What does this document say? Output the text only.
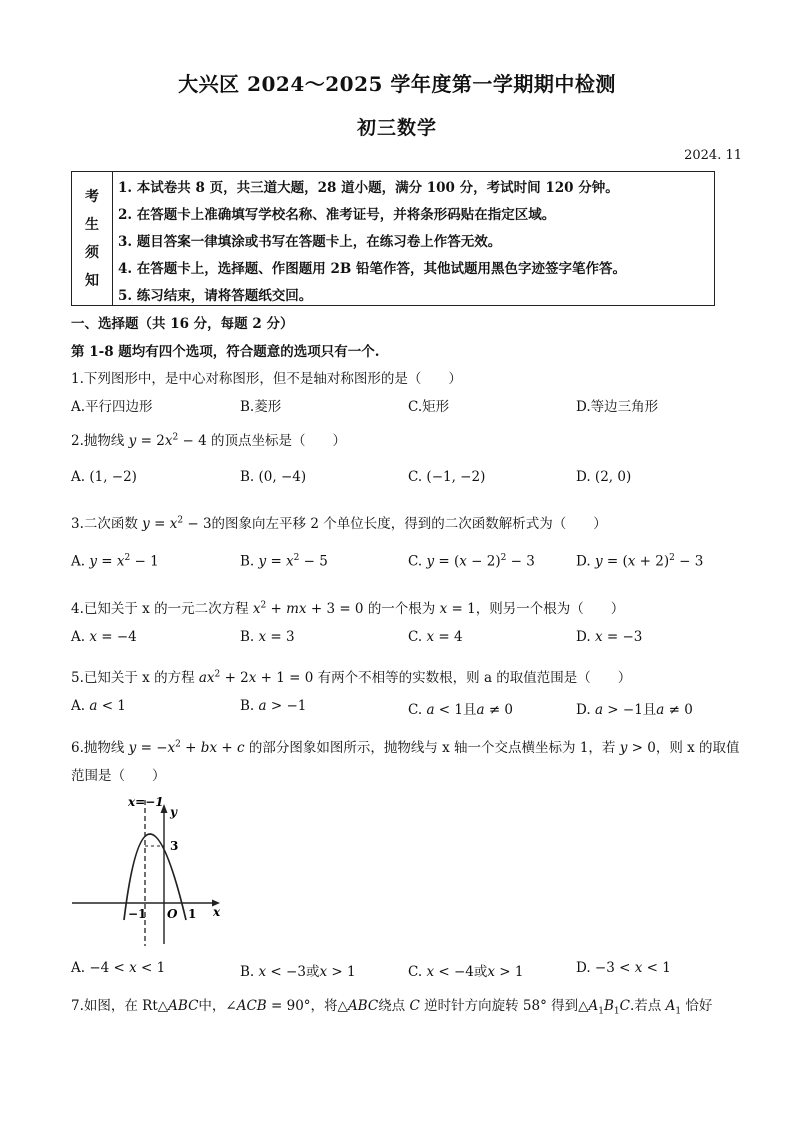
大兴区 2024～2025 学年度第一学期期中检测
初三数学
2024. 11
考
生
须
知
1. 本试卷共 8 页，共三道大题，28 道小题，满分 100 分，考试时间 120 分钟。
2. 在答题卡上准确填写学校名称、准考证号，并将条形码贴在指定区域。
3. 题目答案一律填涂或书写在答题卡上，在练习卷上作答无效。
4. 在答题卡上，选择题、作图题用 2B 铅笔作答，其他试题用黑色字迹签字笔作答。
5. 练习结束，请将答题纸交回。
一、选择题（共 16 分，每题 2 分）
第 1-8 题均有四个选项，符合题意的选项只有一个.
1.下列图形中，是中心对称图形，但不是轴对称图形的是（　　）
A.平行四边形	B.菱形	C.矩形	D.等边三角形
2.抛物线 $y = 2x^2 - 4$ 的顶点坐标是（　　）
A. (1, −2)	B. (0, −4)	C. (−1, −2)	D. (2, 0)
3.二次函数 $y = x^2 - 3$的图象向左平移 2 个单位长度，得到的二次函数解析式为（　　）
A. $y = x^2 - 1$	B. $y = x^2 - 5$	C. $y = (x - 2)^2 - 3$	D. $y = (x + 2)^2 - 3$
4.已知关于 x 的一元二次方程 $x^2$ + mx + 3 = 0 的一个根为 x = 1，则另一个根为（　　）
A. x = −4	B. x = 3	C. x = 4	D. x = −3
5.已知关于 x 的方程 $ax^2 + 2x + 1 = 0$ 有两个不相等的实数根，则 a 的取值范围是（　　）
A. a < 1	B. a > −1	C. a < 1且a ≠ 0	D. a > −1且a ≠ 0
6.抛物线 $y = -x^2$ + bx + c 的部分图象如图所示，抛物线与 x 轴一个交点横坐标为 1，若 y > 0，则 x 的取值
范围是（　　）
x=−1
y
x
3
−1 O 1
A. −4 < x < 1	B. x < −3或x > 1	C. x < −4或x > 1	D. −3 < x < 1
7.如图，在 Rt△ABC中，∠ACB = 90°，将△ABC绕点 C 逆时针方向旋转 58° 得到$\triangle A_1B_1C$.若点 $A_1$ 恰好
